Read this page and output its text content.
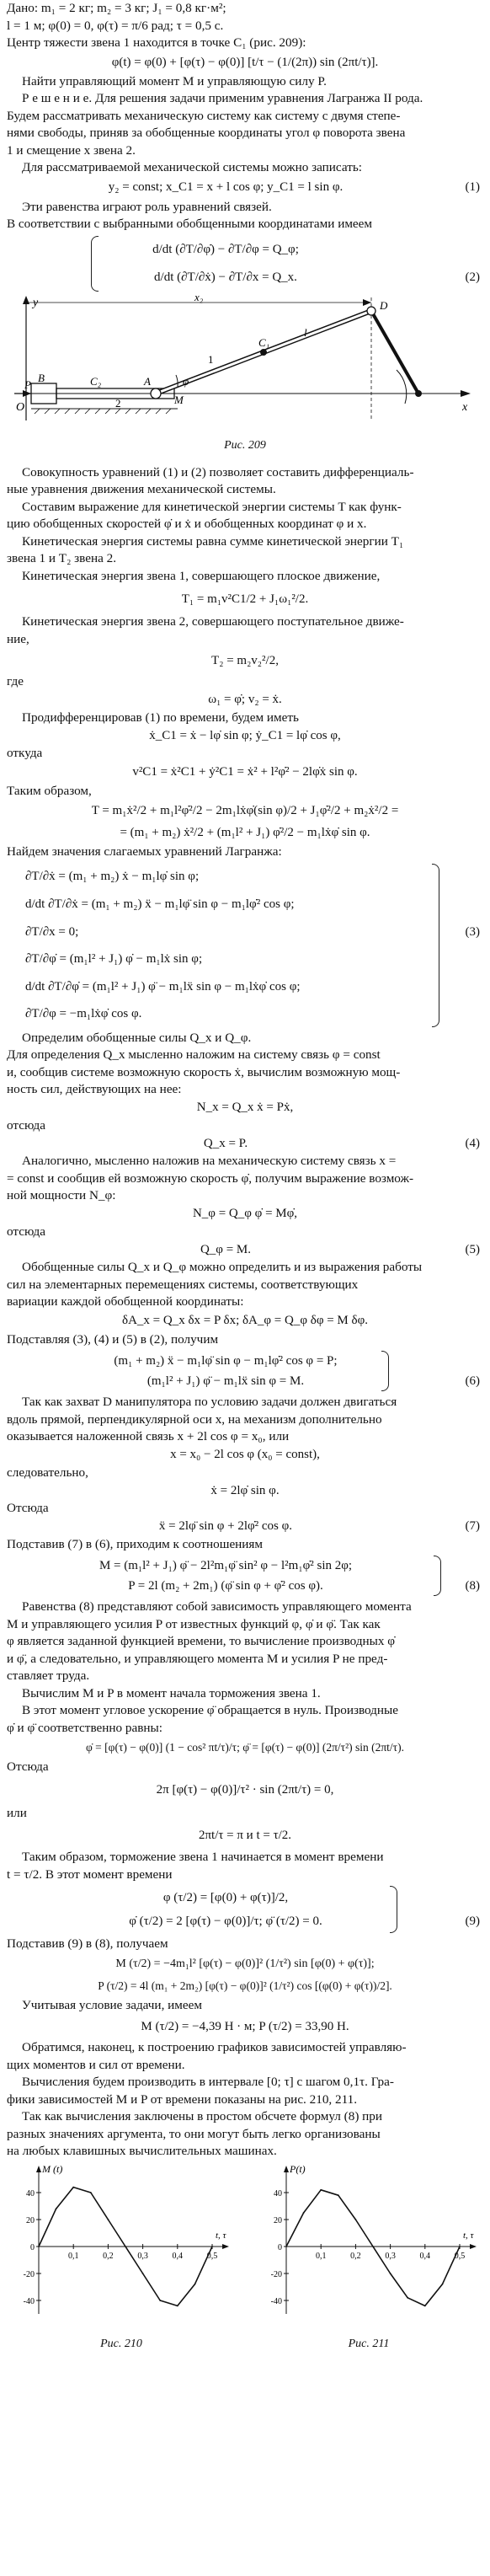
Дано: m₁ = 2 кг; m₂ = 3 кг; J₁ = 0,8 кг·м²;

l = 1 м; φ(0) = 0, φ(τ) = π/6 рад; τ = 0,5 с.

Центр тяжести звена 1 находится в точке C₁ (рис. 209):

φ(t) = φ(0) + [φ(τ) − φ(0)] [t/τ − (1/(2π)) sin (2πt/τ)].

Найти управляющий момент M и управляющую силу P.

Р е ш е н и е. Для решения задачи применим уравнения Лагранжа II рода.

Будем рассматривать механическую систему как систему с двумя степе-

нями свободы, приняв за обобщенные координаты угол φ поворота звена

1 и смещение x звена 2.

Для рассматриваемой механической системы можно записать:

y₂ = const; x_C1 = x + l cos φ; y_C1 = l sin φ.	(1)

Эти равенства играют роль уравнений связей.

В соответствии с выбранными обобщенными координатами имеем

d/dt (∂T/∂φ̇) − ∂T/∂φ = Q_φ;
d/dt (∂T/∂ẋ) − ∂T/∂x = Q_x.	(2)
y	x₂
O
P
B	C₂	A	φ
M
C₁
l
1
2
D
x

Рис. 209

Совокупность уравнений (1) и (2) позволяет составить дифференциаль-

ные уравнения движения механической системы.

Составим выражение для кинетической энергии системы T как функ-

цию обобщенных скоростей φ̇ и ẋ и обобщенных координат φ и x.

Кинетическая энергия системы равна сумме кинетической энергии T₁

звена 1 и T₂ звена 2.

Кинетическая энергия звена 1, совершающего плоское движение,

T₁ = m₁v²C1/2 + J₁ω₁²/2.

Кинетическая энергия звена 2, совершающего поступательное движе-

ние,

T₂ = m₂v₂²/2,

где

ω₁ = φ̇; v₂ = ẋ.

Продифференцировав (1) по времени, будем иметь

ẋ_C1 = ẋ − lφ̇ sin φ; ẏ_C1 = lφ̇ cos φ,

откуда

v²C1 = ẋ²C1 + ẏ²C1 = ẋ² + l²φ̇² − 2lφ̇ẋ sin φ.

Таким образом,

T = m₁ẋ²/2 + m₁l²φ̇²/2 − 2m₁lẋφ̇(sin φ)/2 + J₁φ̇²/2 + m₂ẋ²/2 =
= (m₁ + m₂) ẋ²/2 + (m₁l² + J₁) φ̇²/2 − m₁lẋφ̇ sin φ.

Найдем значения слагаемых уравнений Лагранжа:

∂T/∂ẋ = (m₁ + m₂) ẋ − m₁lφ̇ sin φ;
d/dt ∂T/∂ẋ = (m₁ + m₂) ẍ − m₁lφ̈ sin φ − m₁lφ̇² cos φ;
∂T/∂x = 0;	(3)
∂T/∂φ̇ = (m₁l² + J₁) φ̇ − m₁lẋ sin φ;
d/dt ∂T/∂φ̇ = (m₁l² + J₁) φ̈ − m₁lẍ sin φ − m₁lẋφ̇ cos φ;
∂T/∂φ = −m₁lẋφ̇ cos φ.

Определим обобщенные силы Q_x и Q_φ.

Для определения Q_x мысленно наложим на систему связь φ = const

и, сообщив системе возможную скорость ẋ, вычислим возможную мощ-

ность сил, действующих на нее:

N_x = Q_x ẋ = Pẋ,

отсюда

Q_x = P.	(4)

Аналогично, мысленно наложив на механическую систему связь x =

= const и сообщив ей возможную скорость φ̇, получим выражение возмож-

ной мощности N_φ:

N_φ = Q_φ φ̇ = Mφ̇,

отсюда

Q_φ = M.	(5)

Обобщенные силы Q_x и Q_φ можно определить и из выражения работы

сил на элементарных перемещениях системы, соответствующих

вариации каждой обобщенной координаты:

δA_x = Q_x δx = P δx; δA_φ = Q_φ δφ = M δφ.

Подставляя (3), (4) и (5) в (2), получим

(m₁ + m₂) ẍ − m₁lφ̈ sin φ − m₁lφ̇² cos φ = P;
(m₁l² + J₁) φ̈ − m₁lẍ sin φ = M.	(6)

Так как захват D манипулятора по условию задачи должен двигаться

вдоль прямой, перпендикулярной оси x, на механизм дополнительно

оказывается наложенной связь x + 2l cos φ = x₀, или

x = x₀ − 2l cos φ (x₀ = const),

следовательно,

ẋ = 2lφ̇ sin φ.

Отсюда

ẍ = 2lφ̈ sin φ + 2lφ̇² cos φ.	(7)

Подставив (7) в (6), приходим к соотношениям

M = (m₁l² + J₁) φ̈ − 2l²m₁φ̈ sin² φ − l²m₁φ̇² sin 2φ;
P = 2l (m₂ + 2m₁) (φ̈ sin φ + φ̇² cos φ).	(8)

Равенства (8) представляют собой зависимость управляющего момента

M и управляющего усилия P от известных функций φ, φ̇ и φ̈. Так как

φ является заданной функцией времени, то вычисление производных φ̇

и φ̈, а следовательно, и управляющего момента M и усилия P не пред-

ставляет труда.

Вычислим M и P в момент начала торможения звена 1.

В этот момент угловое ускорение φ̈ обращается в нуль. Производные

φ̇ и φ̈ соответственно равны:

φ̇ = [φ(τ) − φ(0)] (1 − cos² πt/τ)/τ; φ̈ = [φ(τ) − φ(0)] (2π/τ²) sin (2πt/τ).

Отсюда

2π [φ(τ) − φ(0)]/τ² · sin (2πt/τ) = 0,

или

2πt/τ = π и t = τ/2.

Таким образом, торможение звена 1 начинается в момент времени

t = τ/2. В этот момент времени

φ (τ/2) = [φ(0) + φ(τ)]/2,
φ̇ (τ/2) = 2 [φ(τ) − φ(0)]/τ; φ̈ (τ/2) = 0.	(9)

Подставив (9) в (8), получаем

M (τ/2) = −4m₁l² [φ(τ) − φ(0)]² (1/τ²) sin [φ(0) + φ(τ)];
P (τ/2) = 4l (m₁ + 2m₂) [φ(τ) − φ(0)]² (1/τ²) cos [(φ(0) + φ(τ))/2].

Учитывая условие задачи, имеем

M (τ/2) = −4,39 Н · м; P (τ/2) = 33,90 Н.

Обратимся, наконец, к построению графиков зависимостей управляю-

щих моментов и сил от времени.

Вычисления будем производить в интервале [0; τ] с шагом 0,1τ. Гра-

фики зависимостей M и P от времени показаны на рис. 210, 211.

Так как вычисления заключены в простом обсчете формул (8) при

разных значениях аргумента, то они могут быть легко организованы

на любых клавишных вычислительных машинах.

M (t)
t, τ
40
20
0
-20
-40
0,1	0,2	0,3	0,4	0,5

Рис. 210

P(t)
t, τ
40
20
0
-20
-40
0,1	0,2	0,3	0,4	0,5

Рис. 211
